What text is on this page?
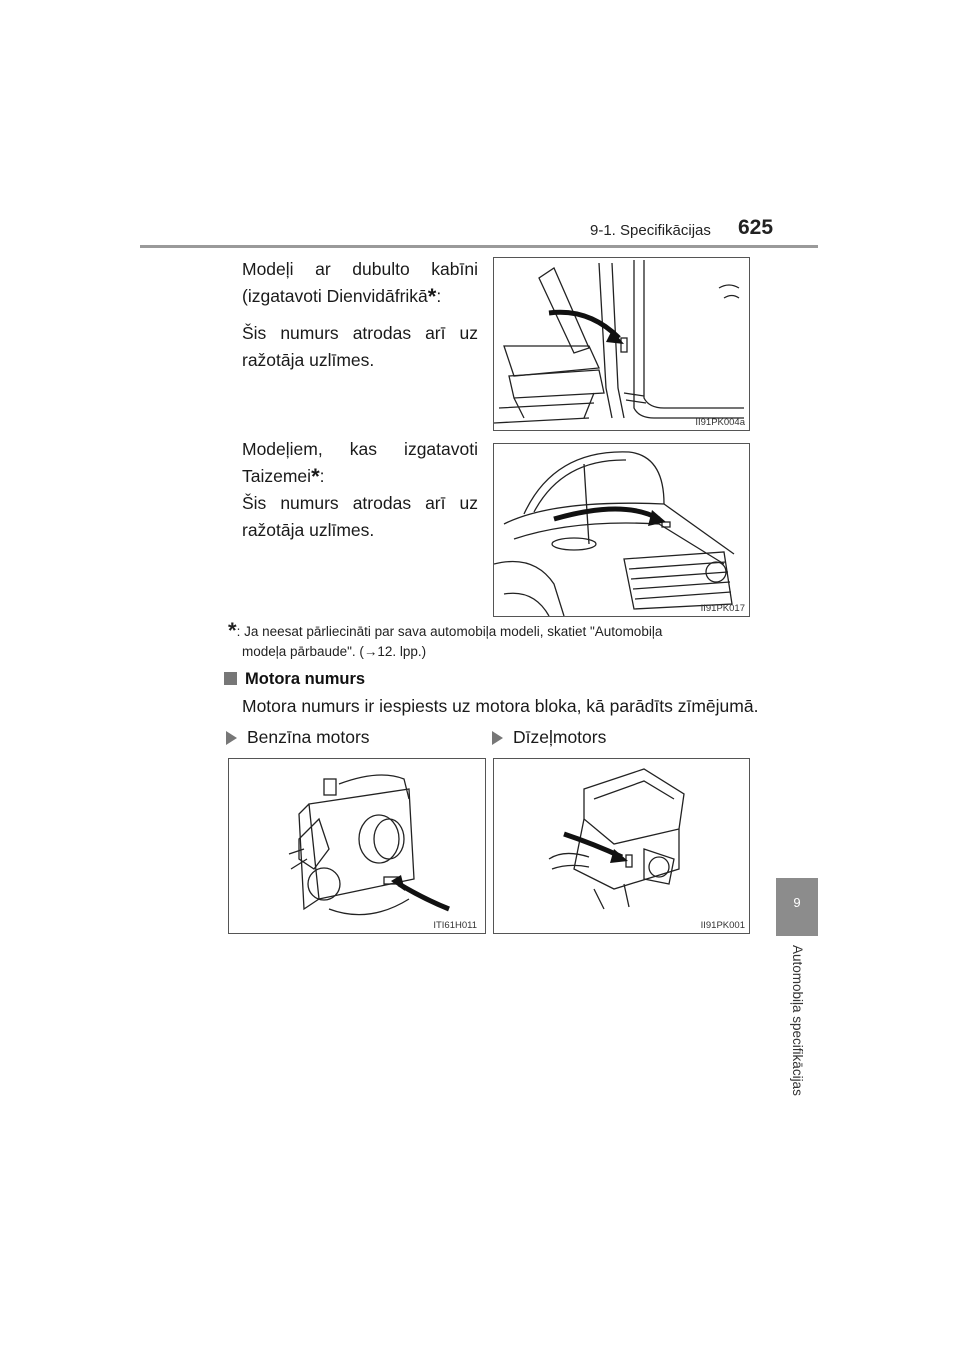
9-1. Specifikācijas 625
9
Automobiļa specifikācijas
Modeļi ar dubulto kabīni
(izgatavoti Dienvidāfrikā*:
Šis numurs atrodas arī uz
ražotāja uzlīmes.
II91PK004a
Modeļiem, kas izgatavoti
Taizemei*:
Šis numurs atrodas arī uz
ražotāja uzlīmes.
II91PK017
*: Ja neesat pārliecināti par sava automobiļa modeli, skatiet "Automobiļa
modeļa pārbaude". (→12. lpp.)
Motora numurs
Motora numurs ir iespiests uz motora bloka, kā parādīts zīmējumā.
Benzīna motors	Dīzeļmotors
ITI61H011	II91PK001
